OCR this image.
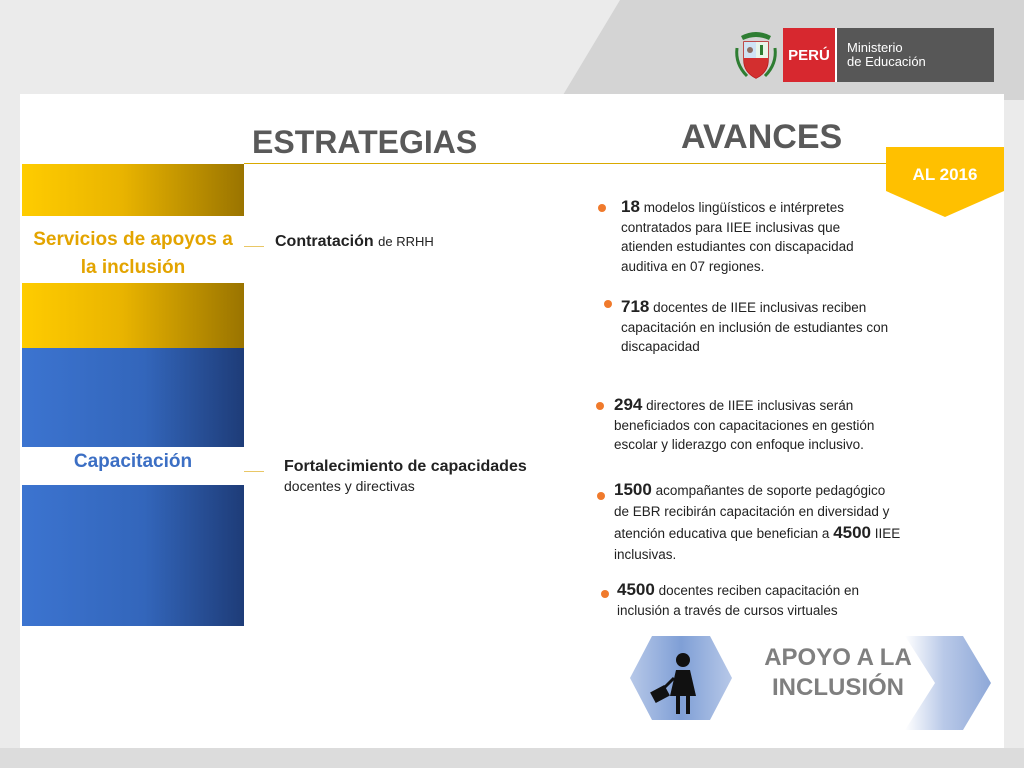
PERÚ	Ministerio
de Educación
ESTRATEGIAS	AVANCES
AL 2016
Servicios de apoyos a
la inclusión
Capacitación
Contratación de RRHH
Fortalecimiento de capacidades
docentes y directivas
18 modelos lingüísticos e intérpretes
contratados para IIEE inclusivas que
atienden estudiantes con discapacidad
auditiva en 07 regiones.
718 docentes de IIEE inclusivas reciben
capacitación en inclusión de estudiantes con
discapacidad
294 directores de IIEE inclusivas serán
beneficiados con capacitaciones en gestión
escolar y liderazgo con enfoque inclusivo.
1500 acompañantes de soporte pedagógico
de EBR recibirán capacitación en diversidad y
atención educativa que benefician a 4500 IIEE
inclusivas.
4500 docentes reciben capacitación en
inclusión a través de cursos virtuales
APOYO A LA
INCLUSIÓN
